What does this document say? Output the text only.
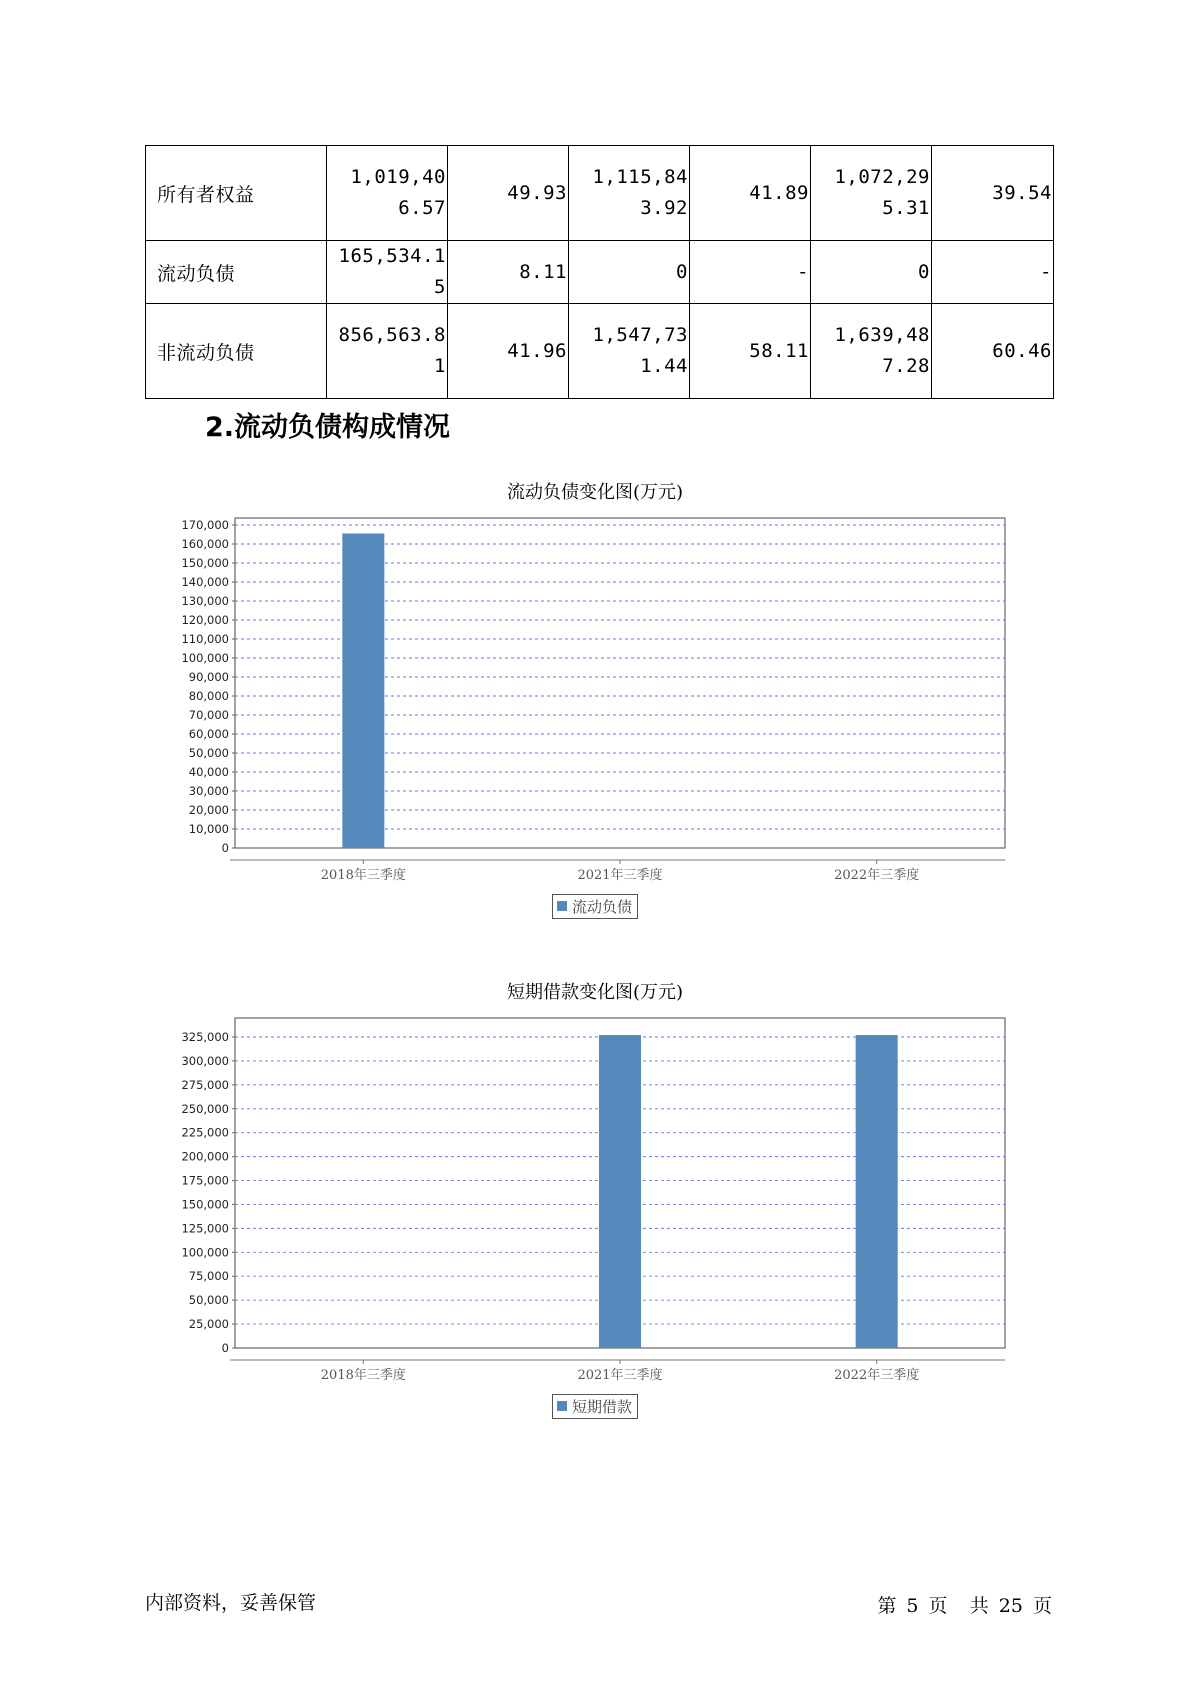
所有者权益	1,019,406.57	49.93	1,115,843.92	41.89	1,072,295.31	39.54
流动负债	165,534.15	8.11	0	-	0	-
非流动负债	856,563.81	41.96	1,547,731.44	58.11	1,639,487.28	60.46
2.流动负债构成情况
流动负债变化图(万元)
0
10,000
20,000
30,000
40,000
50,000
60,000
70,000
80,000
90,000
100,000
110,000
120,000
130,000
140,000
150,000
160,000
170,000
2018年三季度	2021年三季度	2022年三季度
流动负债
短期借款变化图(万元)
0
25,000
50,000
75,000
100,000
125,000
150,000
175,000
200,000
225,000
250,000
275,000
300,000
325,000
2018年三季度	2021年三季度	2022年三季度
短期借款
内部资料，妥善保管	第 5 页 共 25 页
